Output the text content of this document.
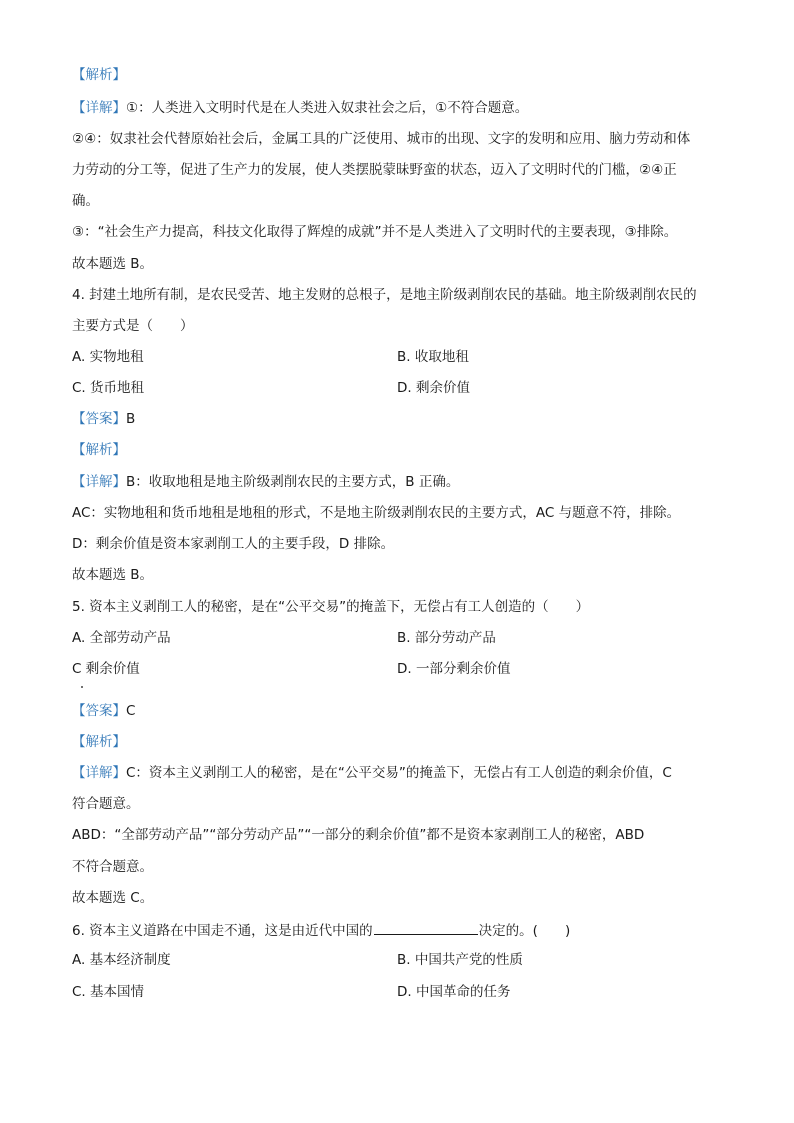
【解析】
【详解】①：人类进入文明时代是在人类进入奴隶社会之后，①不符合题意。
②④：奴隶社会代替原始社会后，金属工具的广泛使用、城市的出现、文字的发明和应用、脑力劳动和体
力劳动的分工等，促进了生产力的发展，使人类摆脱蒙昧野蛮的状态，迈入了文明时代的门槛，②④正
确。
③：“社会生产力提高，科技文化取得了辉煌的成就”并不是人类进入了文明时代的主要表现，③排除。
故本题选 B。
4. 封建土地所有制，是农民受苦、地主发财的总根子，是地主阶级剥削农民的基础。地主阶级剥削农民的
主要方式是（　　）
A. 实物地租	B. 收取地租
C. 货币地租	D. 剩余价值
【答案】B
【解析】
【详解】B：收取地租是地主阶级剥削农民的主要方式，B 正确。
AC：实物地租和货币地租是地租的形式，不是地主阶级剥削农民的主要方式，AC 与题意不符，排除。
D：剩余价值是资本家剥削工人的主要手段，D 排除。
故本题选 B。
5. 资本主义剥削工人的秘密，是在“公平交易”的掩盖下，无偿占有工人创造的（　　）
A. 全部劳动产品	B. 部分劳动产品
C 剩余价值	D. 一部分剩余价值
【答案】C
【解析】
【详解】C：资本主义剥削工人的秘密，是在“公平交易”的掩盖下，无偿占有工人创造的剩余价值，C
符合题意。
ABD：“全部劳动产品”“部分劳动产品”“一部分的剩余价值”都不是资本家剥削工人的秘密，ABD
不符合题意。
故本题选 C。
6. 资本主义道路在中国走不通，这是由近代中国的	决定的。(　　)
A. 基本经济制度	B. 中国共产党的性质
C. 基本国情	D. 中国革命的任务
